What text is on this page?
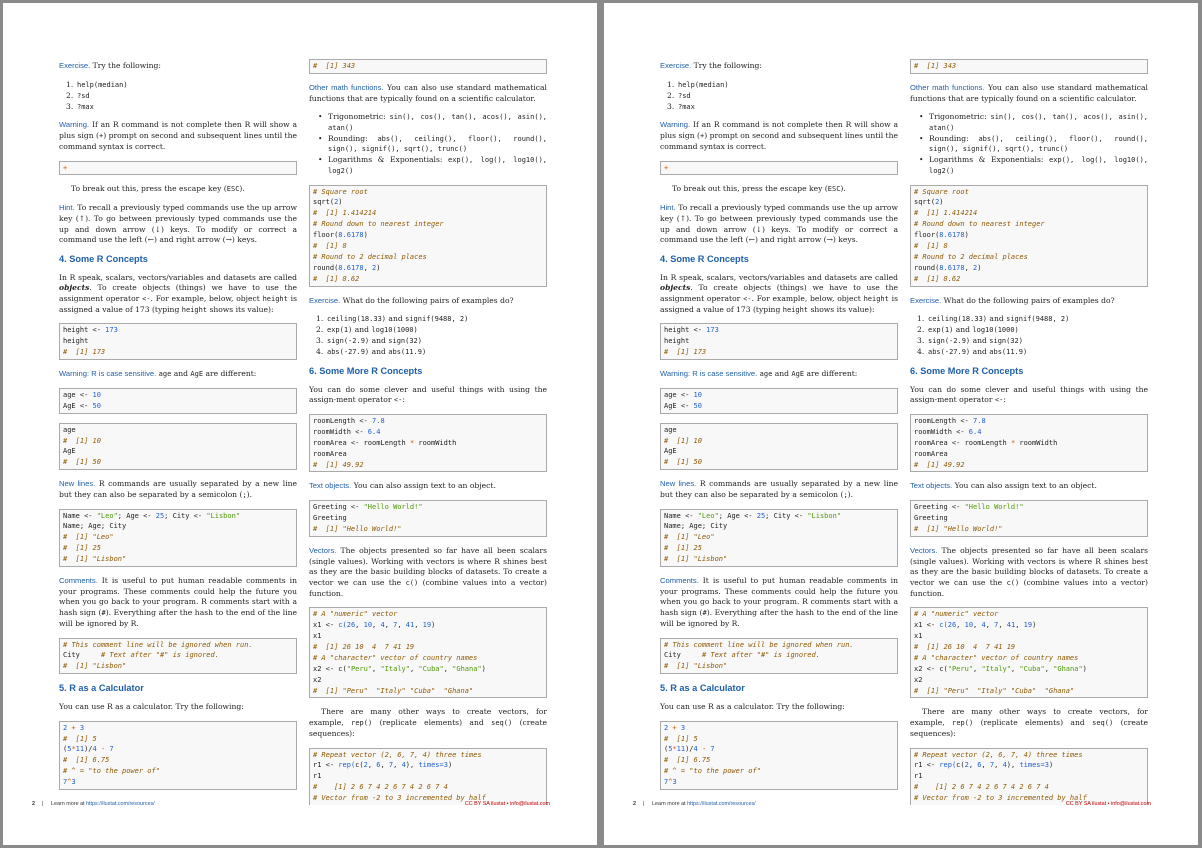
Exercise. Try the following:

1. help(median)
2. ?sd
3. ?max

Warning. If an R command is not complete then R will show a plus sign (+) prompt on second and subsequent lines until the command syntax is correct.

+

To break out this, press the escape key (ESC).

Hint. To recall a previously typed commands use the up arrow key (↑). To go between previously typed commands use the up and down arrow (↓) keys. To modify or correct a command use the left (←) and right arrow (→) keys.

4. Some R Concepts

In R speak, scalars, vectors/variables and datasets are called objects. To create objects (things) we have to use the assignment operator <-. For example, below, object height is assigned a value of 173 (typing height shows its value):

height <- 173
height
#  [1] 173

Warning: R is case sensitive. age and AgE are different:

age <- 10
AgE <- 50
age
#  [1] 10
AgE
#  [1] 50

New lines. R commands are usually separated by a new line but they can also be separated by a semicolon (;).

Name <- "Leo"; Age <- 25; City <- "Lisbon"
Name; Age; City
#  [1] "Leo"
#  [1] 25
#  [1] "Lisbon"

Comments. It is useful to put human readable comments in your programs. These comments could help the future you when you go back to your program. R comments start with a hash sign (#). Everything after the hash to the end of the line will be ignored by R.

# This comment line will be ignored when run.
City     # Text after "#" is ignored.
#  [1] "Lisbon"
5. R as a Calculator

You can use R as a calculator. Try the following:

2 + 3
#  [1] 5
(5*11)/4 - 7
#  [1] 6.75
# ^ = "to the power of"
7^3
#  [1] 343

Other math functions. You can also use standard mathematical functions that are typically found on a scientific calculator.

• Trigonometric: sin(), cos(), tan(), acos(), asin(), atan()
• Rounding: abs(), ceiling(), floor(), round(), sign(), signif(), sqrt(), trunc()
• Logarithms & Exponentials: exp(), log(), log10(), log2()
# Square root
sqrt(2)
#  [1] 1.414214
# Round down to nearest integer
floor(8.6178)
#  [1] 8
# Round to 2 decimal places
round(8.6178, 2)
#  [1] 8.62

Exercise. What do the following pairs of examples do?

1. ceiling(18.33) and signif(9488, 2)
2. exp(1) and log10(1000)
3. sign(-2.9) and sign(32)
4. abs(-27.9) and abs(11.9)
6. Some More R Concepts

You can do some clever and useful things with using the assign-ment operator <-:

roomLength <- 7.8
roomWidth <- 6.4
roomArea <- roomLength * roomWidth
roomArea
#  [1] 49.92

Text objects. You can also assign text to an object.

Greeting <- "Hello World!"
Greeting
#  [1] "Hello World!"

Vectors. The objects presented so far have all been scalars (single values). Working with vectors is where R shines best as they are the basic building blocks of datasets. To create a vector we can use the c() (combine values into a vector) function.

# A "numeric" vector
x1 <- c(26, 10, 4, 7, 41, 19)
x1
#  [1] 26 10  4  7 41 19
# A "character" vector of country names
x2 <- c("Peru", "Italy", "Cuba", "Ghana")
x2
#  [1] "Peru"  "Italy" "Cuba"  "Ghana"

There are many other ways to create vectors, for example, rep() (replicate elements) and seq() (create sequences):

# Repeat vector (2, 6, 7, 4) three times
r1 <- rep(c(2, 6, 7, 4), times=3)
r1
#    [1] 2 6 7 4 2 6 7 4 2 6 7 4
# Vector from -2 to 3 incremented by half
2 | Learn more at https://ilustat.com/resources/	CC BY SA ilustat • info@ilustat.com

Exercise. Try the following:

1. help(median)
2. ?sd
3. ?max

Warning. If an R command is not complete then R will show a plus sign (+) prompt on second and subsequent lines until the command syntax is correct.

+

To break out this, press the escape key (ESC).

Hint. To recall a previously typed commands use the up arrow key (↑). To go between previously typed commands use the up and down arrow (↓) keys. To modify or correct a command use the left (←) and right arrow (→) keys.

4. Some R Concepts

In R speak, scalars, vectors/variables and datasets are called objects. To create objects (things) we have to use the assignment operator <-. For example, below, object height is assigned a value of 173 (typing height shows its value):

height <- 173
height
#  [1] 173

Warning: R is case sensitive. age and AgE are different:

age <- 10
AgE <- 50
age
#  [1] 10
AgE
#  [1] 50

New lines. R commands are usually separated by a new line but they can also be separated by a semicolon (;).

Name <- "Leo"; Age <- 25; City <- "Lisbon"
Name; Age; City
#  [1] "Leo"
#  [1] 25
#  [1] "Lisbon"

Comments. It is useful to put human readable comments in your programs. These comments could help the future you when you go back to your program. R comments start with a hash sign (#). Everything after the hash to the end of the line will be ignored by R.

# This comment line will be ignored when run.
City     # Text after "#" is ignored.
#  [1] "Lisbon"
5. R as a Calculator

You can use R as a calculator. Try the following:

2 + 3
#  [1] 5
(5*11)/4 - 7
#  [1] 6.75
# ^ = "to the power of"
7^3
#  [1] 343

Other math functions. You can also use standard mathematical functions that are typically found on a scientific calculator.

• Trigonometric: sin(), cos(), tan(), acos(), asin(), atan()
• Rounding: abs(), ceiling(), floor(), round(), sign(), signif(), sqrt(), trunc()
• Logarithms & Exponentials: exp(), log(), log10(), log2()
# Square root
sqrt(2)
#  [1] 1.414214
# Round down to nearest integer
floor(8.6178)
#  [1] 8
# Round to 2 decimal places
round(8.6178, 2)
#  [1] 8.62

Exercise. What do the following pairs of examples do?

1. ceiling(18.33) and signif(9488, 2)
2. exp(1) and log10(1000)
3. sign(-2.9) and sign(32)
4. abs(-27.9) and abs(11.9)
6. Some More R Concepts

You can do some clever and useful things with using the assign-ment operator <-:

roomLength <- 7.8
roomWidth <- 6.4
roomArea <- roomLength * roomWidth
roomArea
#  [1] 49.92

Text objects. You can also assign text to an object.

Greeting <- "Hello World!"
Greeting
#  [1] "Hello World!"

Vectors. The objects presented so far have all been scalars (single values). Working with vectors is where R shines best as they are the basic building blocks of datasets. To create a vector we can use the c() (combine values into a vector) function.

# A "numeric" vector
x1 <- c(26, 10, 4, 7, 41, 19)
x1
#  [1] 26 10  4  7 41 19
# A "character" vector of country names
x2 <- c("Peru", "Italy", "Cuba", "Ghana")
x2
#  [1] "Peru"  "Italy" "Cuba"  "Ghana"

There are many other ways to create vectors, for example, rep() (replicate elements) and seq() (create sequences):

# Repeat vector (2, 6, 7, 4) three times
r1 <- rep(c(2, 6, 7, 4), times=3)
r1
#    [1] 2 6 7 4 2 6 7 4 2 6 7 4
# Vector from -2 to 3 incremented by half
2 | Learn more at https://ilustat.com/resources/	CC BY SA ilustat • info@ilustat.com
